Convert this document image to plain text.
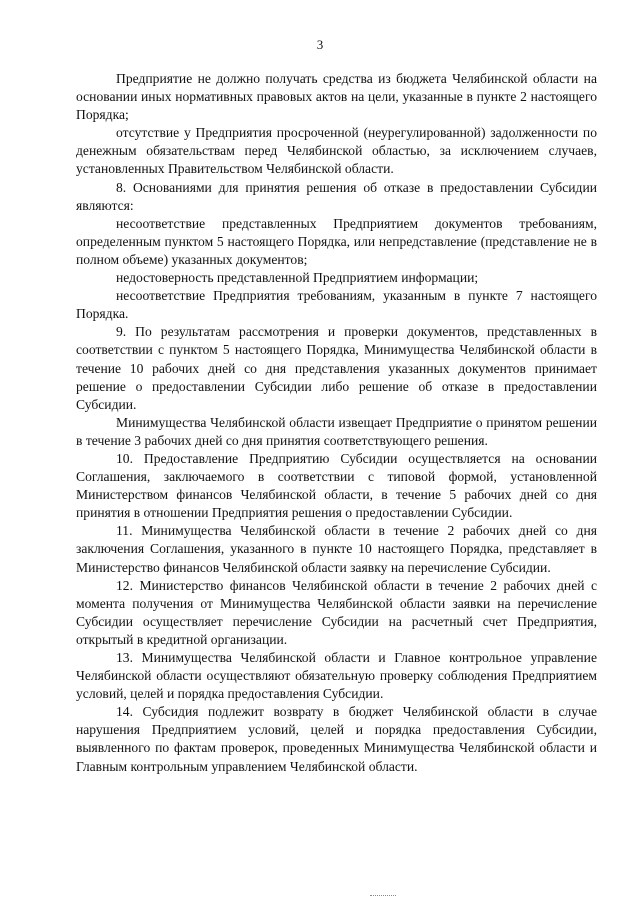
3

Предприятие не должно получать средства из бюджета Челябинской области на основании иных нормативных правовых актов на цели, указанные в пункте 2 настоящего Порядка;

отсутствие у Предприятия просроченной (неурегулированной) задолженности по денежным обязательствам перед Челябинской областью, за исключением случаев, установленных Правительством Челябинской области.

8. Основаниями для принятия решения об отказе в предоставлении Субсидии являются:

несоответствие представленных Предприятием документов требованиям, определенным пунктом 5 настоящего Порядка, или непредставление (представление не в полном объеме) указанных документов;

недостоверность представленной Предприятием информации;

несоответствие Предприятия требованиям, указанным в пункте 7 настоящего Порядка.

9. По результатам рассмотрения и проверки документов, представленных в соответствии с пунктом 5 настоящего Порядка, Минимущества Челябинской области в течение 10 рабочих дней со дня представления указанных документов принимает решение о предоставлении Субсидии либо решение об отказе в предоставлении Субсидии.

Минимущества Челябинской области извещает Предприятие о принятом решении в течение 3 рабочих дней со дня принятия соответствующего решения.

10. Предоставление Предприятию Субсидии осуществляется на основании Соглашения, заключаемого в соответствии с типовой формой, установленной Министерством финансов Челябинской области, в течение 5 рабочих дней со дня принятия в отношении Предприятия решения о предоставлении Субсидии.

11. Минимущества Челябинской области в течение 2 рабочих дней со дня заключения Соглашения, указанного в пункте 10 настоящего Порядка, представляет в Министерство финансов Челябинской области заявку на перечисление Субсидии.

12. Министерство финансов Челябинской области в течение 2 рабочих дней с момента получения от Минимущества Челябинской области заявки на перечисление Субсидии осуществляет перечисление Субсидии на расчетный счет Предприятия, открытый в кредитной организации.

13. Минимущества Челябинской области и Главное контрольное управление Челябинской области осуществляют обязательную проверку соблюдения Предприятием условий, целей и порядка предоставления Субсидии.

14. Субсидия подлежит возврату в бюджет Челябинской области в случае нарушения Предприятием условий, целей и порядка предоставления Субсидии, выявленного по фактам проверок, проведенных Минимущества Челябинской области и Главным контрольным управлением Челябинской области.
